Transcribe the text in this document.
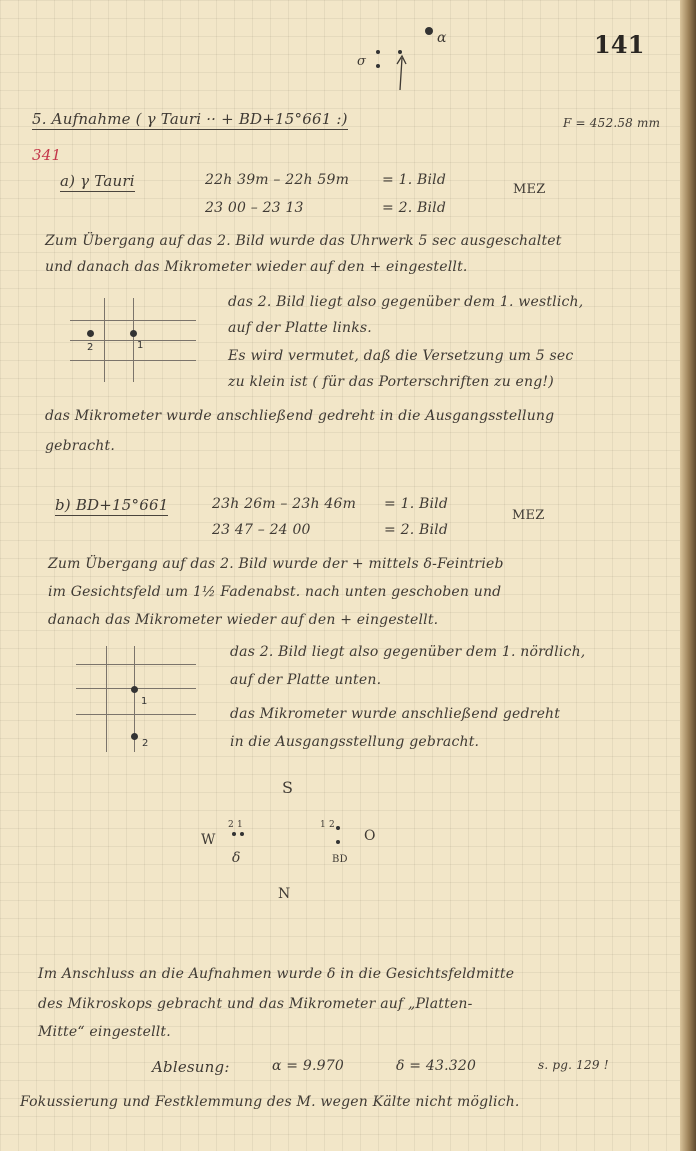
σ
α	141
5. Aufnahme ( γ Tauri ·· + BD+15°661 :)	F = 452.58 mm
341
a) γ Tauri	22h 39m – 22h 59m = 1. Bild
23 00 – 23 13	= 2. Bild
MEZ
Zum Übergang auf das 2. Bild wurde das Uhrwerk 5 sec ausgeschaltet
und danach das Mikrometer wieder auf den + eingestellt.
2	1
das 2. Bild liegt also gegenüber dem 1. westlich,
auf der Platte links.
Es wird vermutet, daß die Versetzung um 5 sec
zu klein ist ( für das Porterschriften zu eng!)
das Mikrometer wurde anschließend gedreht in die Ausgangsstellung
gebracht.
b) BD+15°661	23h 26m – 23h 46m = 1. Bild
23 47 – 24 00	= 2. Bild
MEZ
Zum Übergang auf das 2. Bild wurde der + mittels δ-Feintrieb
im Gesichtsfeld um 1½ Fadenabst. nach unten geschoben und
danach das Mikrometer wieder auf den + eingestellt.
1
2
das 2. Bild liegt also gegenüber dem 1. nördlich,
auf der Platte unten.
das Mikrometer wurde anschließend gedreht
in die Ausgangsstellung gebracht.
S
W
2 1
δ
1 2
BD
O
N
Im Anschluss an die Aufnahmen wurde δ in die Gesichtsfeldmitte
des Mikroskops gebracht und das Mikrometer auf „Platten-
Mitte“ eingestellt.
Ablesung:	α = 9.970	δ = 43.320	s. pg. 129 !
Fokussierung und Festklemmung des M. wegen Kälte nicht möglich.
